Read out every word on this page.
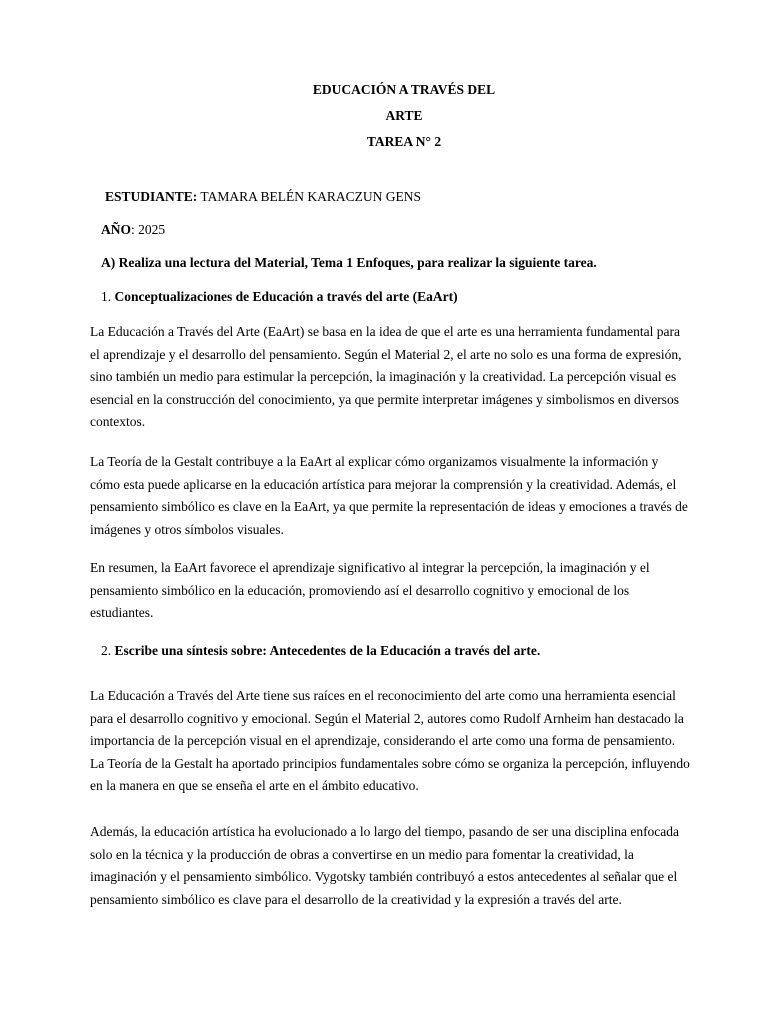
EDUCACIÓN A TRAVÉS DEL
ARTE
TAREA N° 2
ESTUDIANTE: TAMARA BELÉN KARACZUN GENS
AÑO: 2025
A) Realiza una lectura del Material, Tema 1 Enfoques, para realizar la siguiente tarea.
1. Conceptualizaciones de Educación a través del arte (EaArt)

La Educación a Través del Arte (EaArt) se basa en la idea de que el arte es una herramienta fundamental para el aprendizaje y el desarrollo del pensamiento. Según el Material 2, el arte no solo es una forma de expresión, sino también un medio para estimular la percepción, la imaginación y la creatividad. La percepción visual es esencial en la construcción del conocimiento, ya que permite interpretar imágenes y simbolismos en diversos contextos.

La Teoría de la Gestalt contribuye a la EaArt al explicar cómo organizamos visualmente la información y cómo esta puede aplicarse en la educación artística para mejorar la comprensión y la creatividad. Además, el pensamiento simbólico es clave en la EaArt, ya que permite la representación de ideas y emociones a través de imágenes y otros símbolos visuales.

En resumen, la EaArt favorece el aprendizaje significativo al integrar la percepción, la imaginación y el pensamiento simbólico en la educación, promoviendo así el desarrollo cognitivo y emocional de los estudiantes.

2. Escribe una síntesis sobre: Antecedentes de la Educación a través del arte.

La Educación a Través del Arte tiene sus raíces en el reconocimiento del arte como una herramienta esencial para el desarrollo cognitivo y emocional. Según el Material 2, autores como Rudolf Arnheim han destacado la importancia de la percepción visual en el aprendizaje, considerando el arte como una forma de pensamiento. La Teoría de la Gestalt ha aportado principios fundamentales sobre cómo se organiza la percepción, influyendo en la manera en que se enseña el arte en el ámbito educativo.

Además, la educación artística ha evolucionado a lo largo del tiempo, pasando de ser una disciplina enfocada solo en la técnica y la producción de obras a convertirse en un medio para fomentar la creatividad, la imaginación y el pensamiento simbólico. Vygotsky también contribuyó a estos antecedentes al señalar que el pensamiento simbólico es clave para el desarrollo de la creatividad y la expresión a través del arte.
